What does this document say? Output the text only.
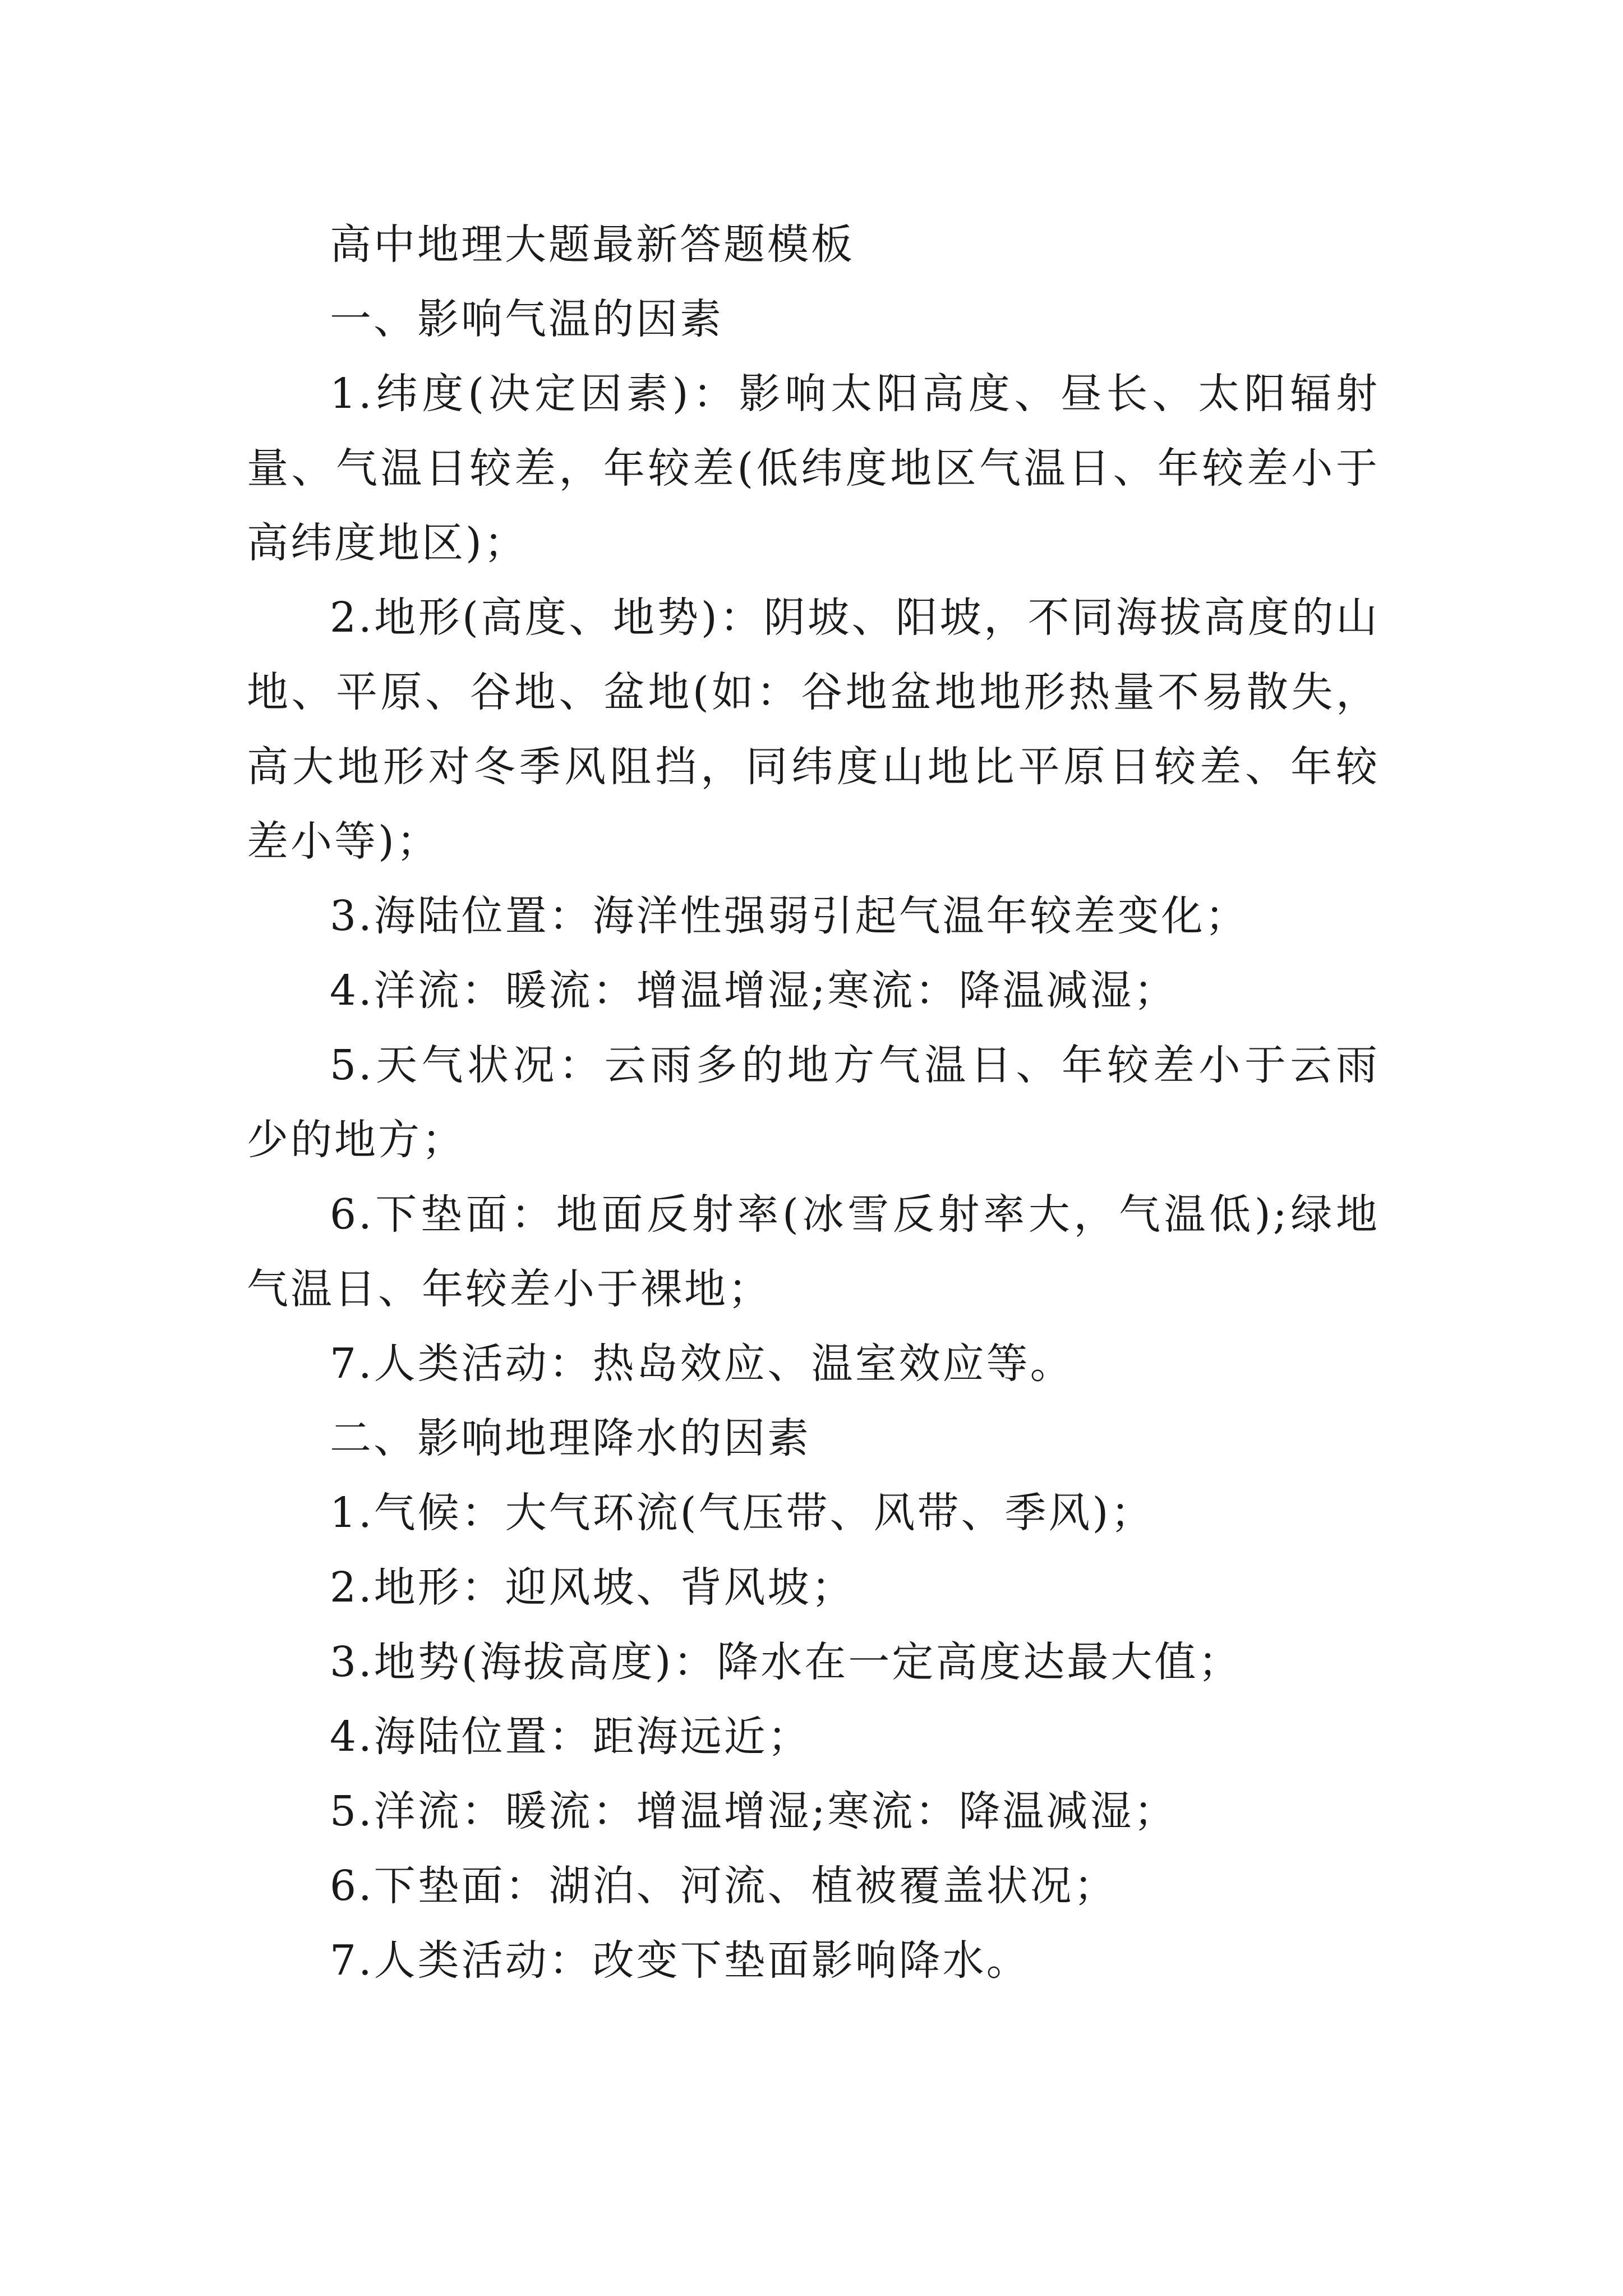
高中地理大题最新答题模板

一、影响气温的因素

1.纬度(决定因素)：影响太阳高度、昼长、太阳辐射量、气温日较差，年较差(低纬度地区气温日、年较差小于高纬度地区)；

2.地形(高度、地势)：阴坡、阳坡，不同海拔高度的山地、平原、谷地、盆地(如：谷地盆地地形热量不易散失，高大地形对冬季风阻挡，同纬度山地比平原日较差、年较差小等)；

3.海陆位置：海洋性强弱引起气温年较差变化；

4.洋流：暖流：增温增湿;寒流：降温减湿；

5.天气状况：云雨多的地方气温日、年较差小于云雨少的地方；

6.下垫面：地面反射率(冰雪反射率大，气温低);绿地气温日、年较差小于裸地；

7.人类活动：热岛效应、温室效应等。

二、影响地理降水的因素

1.气候：大气环流(气压带、风带、季风)；

2.地形：迎风坡、背风坡；

3.地势(海拔高度)：降水在一定高度达最大值；

4.海陆位置：距海远近；

5.洋流：暖流：增温增湿;寒流：降温减湿；

6.下垫面：湖泊、河流、植被覆盖状况；

7.人类活动：改变下垫面影响降水。
